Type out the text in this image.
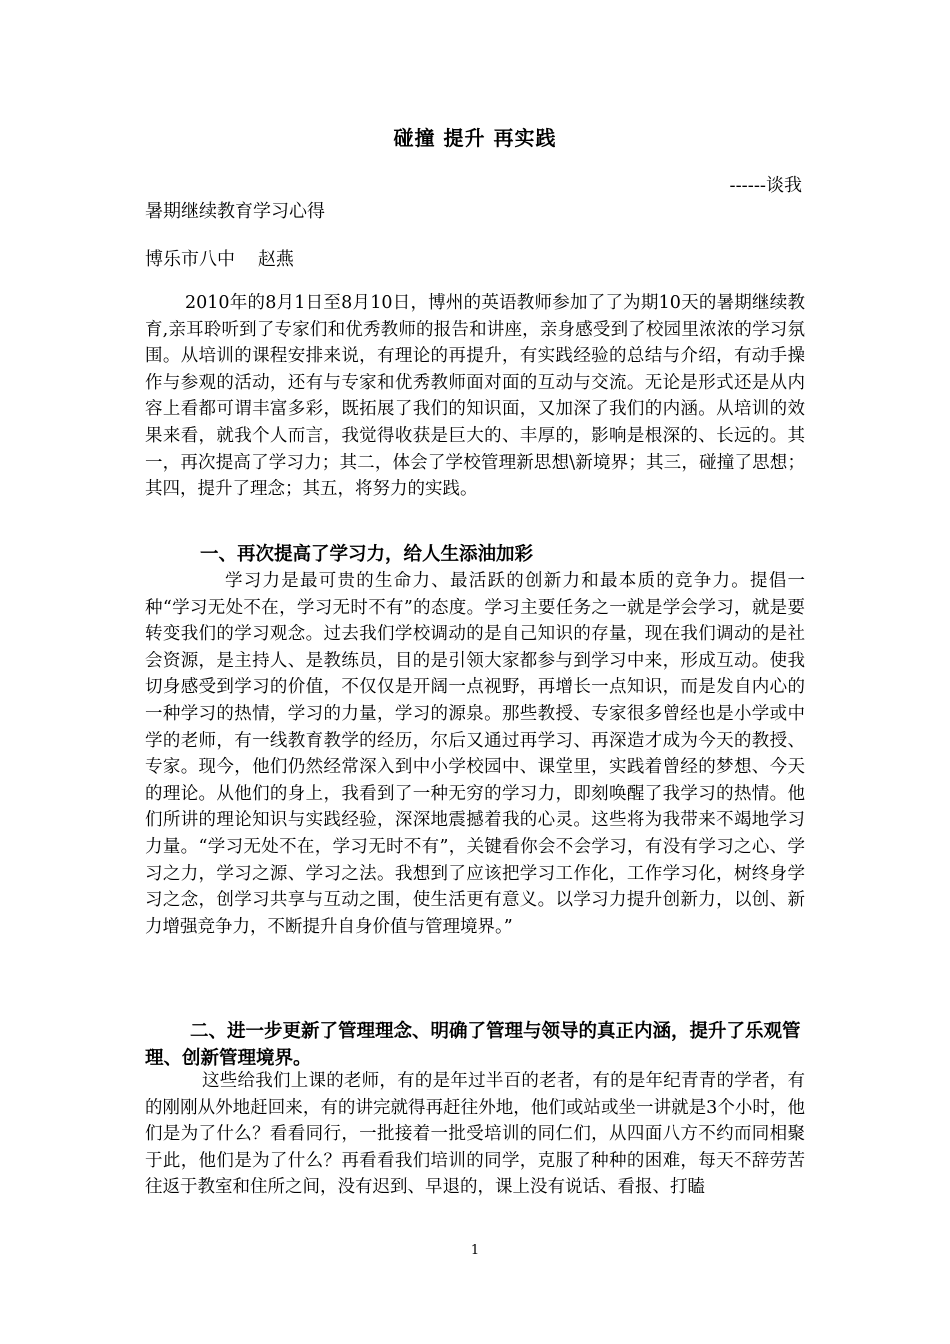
碰撞 提升 再实践
------谈我
暑期继续教育学习心得
博乐市八中    赵燕
2010年的8月1日至8月10日，博州的英语教师参加了了为期10天的暑期继续教育,亲耳聆听到了专家们和优秀教师的报告和讲座，亲身感受到了校园里浓浓的学习氛围。从培训的课程安排来说，有理论的再提升，有实践经验的总结与介绍，有动手操作与参观的活动，还有与专家和优秀教师面对面的互动与交流。无论是形式还是从内容上看都可谓丰富多彩，既拓展了我们的知识面，又加深了我们的内涵。从培训的效果来看，就我个人而言，我觉得收获是巨大的、丰厚的，影响是根深的、长远的。其一，再次提高了学习力；其二，体会了学校管理新思想\新境界；其三，碰撞了思想；其四，提升了理念；其五，将努力的实践。
一、再次提高了学习力，给人生添油加彩
学习力是最可贵的生命力、最活跃的创新力和最本质的竞争力。提倡一种“学习无处不在，学习无时不有”的态度。学习主要任务之一就是学会学习，就是要转变我们的学习观念。过去我们学校调动的是自己知识的存量，现在我们调动的是社会资源，是主持人、是教练员，目的是引领大家都参与到学习中来，形成互动。使我切身感受到学习的价值，不仅仅是开阔一点视野，再增长一点知识，而是发自内心的一种学习的热情，学习的力量，学习的源泉。那些教授、专家很多曾经也是小学或中学的老师，有一线教育教学的经历，尔后又通过再学习、再深造才成为今天的教授、专家。现今，他们仍然经常深入到中小学校园中、课堂里，实践着曾经的梦想、今天的理论。从他们的身上，我看到了一种无穷的学习力，即刻唤醒了我学习的热情。他们所讲的理论知识与实践经验，深深地震撼着我的心灵。这些将为我带来不竭地学习力量。“学习无处不在，学习无时不有”，关键看你会不会学习，有没有学习之心、学习之力，学习之源、学习之法。我想到了应该把学习工作化，工作学习化，树终身学习之念，创学习共享与互动之围，使生活更有意义。以学习力提升创新力，以创、新力增强竞争力，不断提升自身价值与管理境界。”
二、进一步更新了管理理念、明确了管理与领导的真正内涵，提升了乐观管理、创新管理境界。
这些给我们上课的老师，有的是年过半百的老者，有的是年纪青青的学者，有的刚刚从外地赶回来，有的讲完就得再赶往外地，他们或站或坐一讲就是3个小时，他们是为了什么？看看同行，一批接着一批受培训的同仁们，从四面八方不约而同相聚于此，他们是为了什么？再看看我们培训的同学，克服了种种的困难，每天不辞劳苦往返于教室和住所之间，没有迟到、早退的，课上没有说话、看报、打瞌
1
